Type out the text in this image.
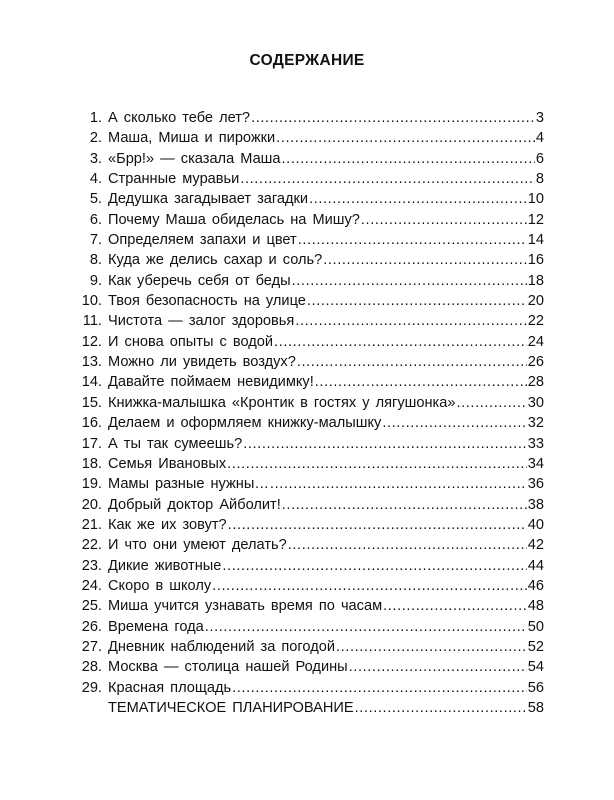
СОДЕРЖАНИЕ
1. А сколько тебе лет? .....	3
2. Маша, Миша и пирожки .....	4
3. «Брр!» — сказала Маша .....	6
4. Странные муравьи .....	8
5. Дедушка загадывает загадки .....	10
6. Почему Маша обиделась на Мишу? .....	12
7. Определяем запахи и цвет .....	14
8. Куда же делись сахар и соль? .....	16
9. Как уберечь себя от беды .....	18
10. Твоя безопасность на улице .....	20
11. Чистота — залог здоровья .....	22
12. И снова опыты с водой .....	24
13. Можно ли увидеть воздух? .....	26
14. Давайте поймаем невидимку! .....	28
15. Книжка-малышка «Кронтик в гостях у лягушонка» .....	30
16. Делаем и оформляем книжку-малышку .....	32
17. А ты так сумеешь? .....	33
18. Семья Ивановых .....	34
19. Мамы разные нужны… .....	36
20. Добрый доктор Айболит! .....	38
21. Как же их зовут? .....	40
22. И что они умеют делать? .....	42
23. Дикие животные .....	44
24. Скоро в школу .....	46
25. Миша учится узнавать время по часам .....	48
26. Времена года .....	50
27. Дневник наблюдений за погодой .....	52
28. Москва — столица нашей Родины .....	54
29. Красная площадь .....	56
ТЕМАТИЧЕСКОЕ ПЛАНИРОВАНИЕ .....	58
